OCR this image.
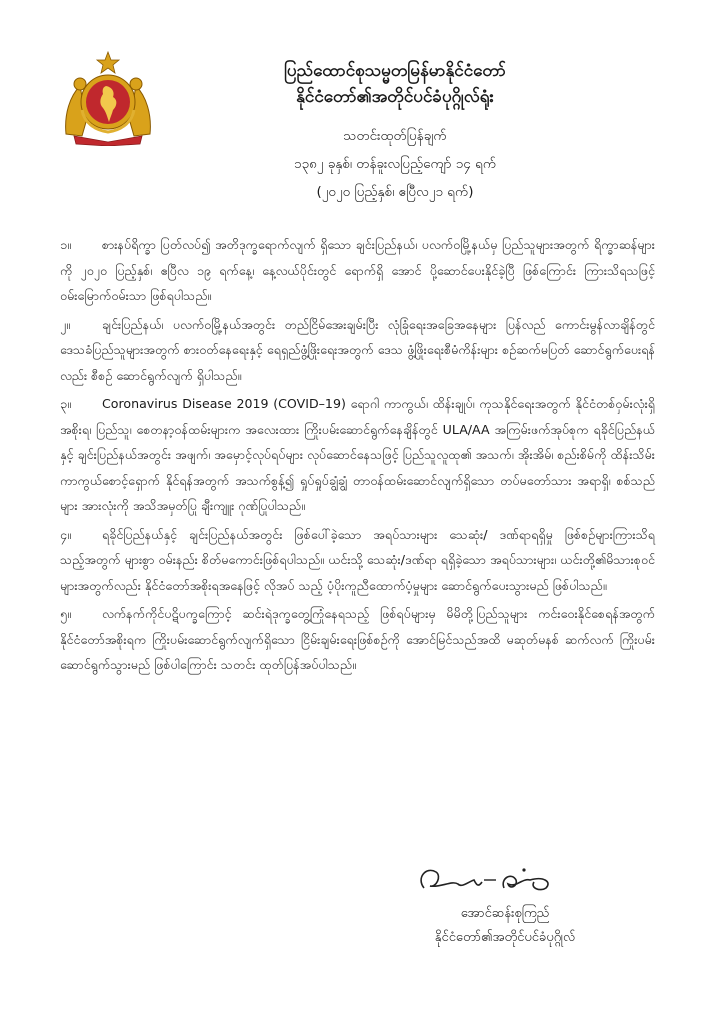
ပြည်ထောင်စုသမ္မတမြန်မာနိုင်ငံတော်
နိုင်ငံတော်၏အတိုင်ပင်ခံပုဂ္ဂိုလ်ရုံး
သတင်းထုတ်ပြန်ချက်
၁၃၈၂ ခုနှစ်၊ တန်ခူးလပြည့်ကျော် ၁၄ ရက်
(၂၀၂၀ ပြည့်နှစ်၊ ဧပြီလ၂၁ ရက်)

၁။ စားနပ်ရိက္ခာ ပြတ်လပ်၍ အတိဒုက္ခရောက်လျက် ရှိသော ချင်းပြည်နယ်၊ ပလက်ဝမြို့နယ်မှ ပြည်သူများအတွက် ရိက္ခာဆန်များကို ၂၀၂၀ ပြည့်နှစ်၊ ဧပြီလ ၁၉ ရက်နေ့၊ နေ့လယ်ပိုင်းတွင် ရောက်ရှိ အောင် ပို့ဆောင်ပေးနိုင်ခဲ့ပြီ ဖြစ်ကြောင်း ကြားသိရသဖြင့် ဝမ်းမြောက်ဝမ်းသာ ဖြစ်ရပါသည်။

၂။	ချင်းပြည်နယ်၊ ပလက်ဝမြို့နယ်အတွင်း တည်ငြိမ်အေးချမ်းပြီး လုံခြုံရေးအခြေအနေများ ပြန်လည် ကောင်းမွန်လာချိန်တွင် ဒေသခံပြည်သူများအတွက် စားဝတ်နေရေးနှင့် ရေရှည်ဖွံ့ဖြိုးရေးအတွက် ဒေသ ဖွံ့ဖြိုးရေးစီမံကိန်းများ စဉ်ဆက်မပြတ် ဆောင်ရွက်ပေးရန်လည်း စီစဉ် ဆောင်ရွက်လျက် ရှိပါသည်။

၃။ Coronavirus Disease 2019 (COVID–19) ရောဂါ ကာကွယ်၊ ထိန်းချုပ်၊ ကုသနိုင်ရေးအတွက် နိုင်ငံတစ်ဝှမ်းလုံးရှိ အစိုးရ၊ ပြည်သူ၊ စေတနာ့ဝန်ထမ်းများက အလေးထား ကြိုးပမ်းဆောင်ရွက်နေချိန်တွင် ULA/AA အကြမ်းဖက်အုပ်စုက ရခိုင်ပြည်နယ်နှင့် ချင်းပြည်နယ်အတွင်း အဖျက်၊ အမှောင့်လုပ်ရပ်များ လုပ်ဆောင်နေသဖြင့် ပြည်သူလူထု၏ အသက်၊ အိုးအိမ်၊ စည်းစိမ်ကို ထိန်းသိမ်းကာကွယ်စောင့်ရှောက် နိုင်ရန်အတွက် အသက်စွန့်၍ ရှုပ်ရှုပ်ချွံချွံ တာဝန်ထမ်းဆောင်လျက်ရှိသော တပ်မတော်သား အရာရှိ၊ စစ်သည်များ အားလုံးကို အသိအမှတ်ပြု ချီးကျူး ဂုဏ်ပြုပါသည်။

၄။ ရခိုင်ပြည်နယ်နှင့် ချင်းပြည်နယ်အတွင်း ဖြစ်ပေါ်ခဲ့သော အရပ်သားများ သေဆုံး/ ဒဏ်ရာရရှိမှု ဖြစ်စဉ်များကြားသိရသည့်အတွက် များစွာ ဝမ်းနည်း စိတ်မကောင်းဖြစ်ရပါသည်။ ယင်းသို့ သေဆုံး/ဒဏ်ရာ ရရှိခဲ့သော အရပ်သားများ၊ ယင်းတို့၏မိသားစုဝင်များအတွက်လည်း နိုင်ငံတော်အစိုးရအနေဖြင့် လိုအပ် သည့် ပံ့ပိုးကူညီထောက်ပံ့မှုများ ဆောင်ရွက်ပေးသွားမည် ဖြစ်ပါသည်။

၅။ လက်နက်ကိုင်ပဋိပက္ခကြောင့် ဆင်းရဲဒုက္ခတွေ့ကြုံနေရသည့် ဖြစ်ရပ်များမှ မိမိတို့ပြည်သူများ ကင်းဝေးနိုင်စေရန်အတွက် နိုင်ငံတော်အစိုးရက ကြိုးပမ်းဆောင်ရွက်လျက်ရှိသော ငြိမ်းချမ်းရေးဖြစ်စဉ်ကို အောင်မြင်သည်အထိ မဆုတ်မနစ် ဆက်လက် ကြိုးပမ်းဆောင်ရွက်သွားမည် ဖြစ်ပါကြောင်း သတင်း ထုတ်ပြန်အပ်ပါသည်။

အောင်ဆန်းစုကြည်
နိုင်ငံတော်၏အတိုင်ပင်ခံပုဂ္ဂိုလ်
